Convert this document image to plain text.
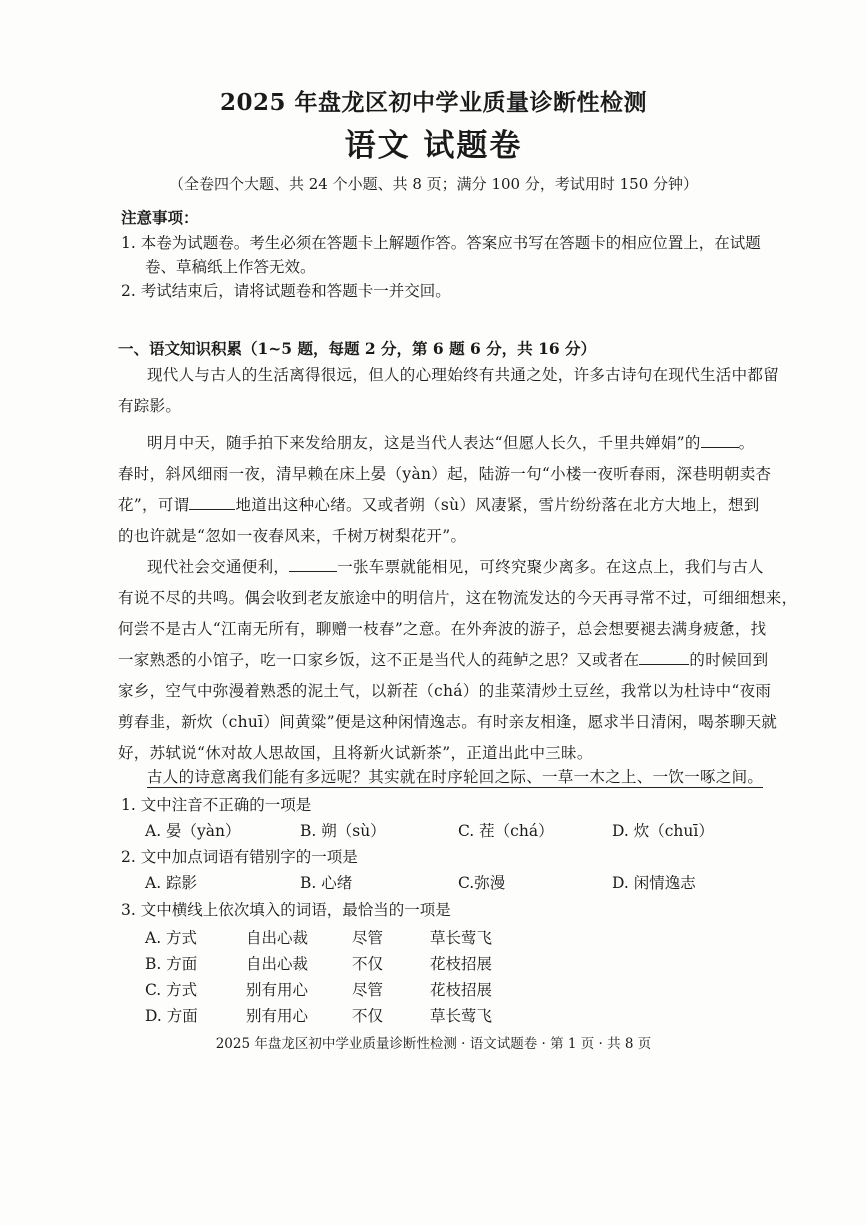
2025 年盘龙区初中学业质量诊断性检测
语文 试题卷
（全卷四个大题、共 24 个小题、共 8 页；满分 100 分，考试用时 150 分钟）
注意事项：
1. 本卷为试题卷。考生必须在答题卡上解题作答。答案应书写在答题卡的相应位置上，在试题
卷、草稿纸上作答无效。
2. 考试结束后，请将试题卷和答题卡一并交回。
一、语文知识积累（1~5 题，每题 2 分，第 6 题 6 分，共 16 分）
现代人与古人的生活离得很远，但人的心理始终有共通之处，许多古诗句在现代生活中都留
有踪影。
明月中天，随手拍下来发给朋友，这是当代人表达“但愿人长久，千里共婵娟”的 。
春时，斜风细雨一夜，清早赖在床上晏（yàn）起，陆游一句“小楼一夜听春雨，深巷明朝卖杏
花”，可谓	地道出这种心绪。又或者朔（sù）风凄紧，雪片纷纷落在北方大地上，想到
的也许就是“忽如一夜春风来，千树万树梨花开”。
现代社会交通便利，	一张车票就能相见，可终究聚少离多。在这点上，我们与古人
有说不尽的共鸣。偶会收到老友旅途中的明信片，这在物流发达的今天再寻常不过，可细细想来，
何尝不是古人“江南无所有，聊赠一枝春”之意。在外奔波的游子，总会想要褪去满身疲惫，找
一家熟悉的小馆子，吃一口家乡饭，这不正是当代人的莼鲈之思？又或者在	的时候回到
家乡，空气中弥漫着熟悉的泥土气，以新茬（chá）的韭菜清炒土豆丝，我常以为杜诗中“夜雨
剪春韭，新炊（chuī）间黄粱”便是这种闲情逸志。有时亲友相逢，愿求半日清闲，喝茶聊天就
好，苏轼说“休对故人思故国，且将新火试新茶”，正道出此中三昧。
古人的诗意离我们能有多远呢？其实就在时序轮回之际、一草一木之上、一饮一啄之间。
1. 文中注音不正确的一项是
A. 晏（yàn）	B. 朔（sù）	C. 茬（chá）	D. 炊（chuī）
2. 文中加点词语有错别字的一项是
A. 踪影	B. 心绪	C.弥漫	D. 闲情逸志
3. 文中横线上依次填入的词语，最恰当的一项是
A. 方式	自出心裁	尽管	草长莺飞
B. 方面	自出心裁	不仅	花枝招展
C. 方式	别有用心	尽管	花枝招展
D. 方面	别有用心	不仅	草长莺飞
2025 年盘龙区初中学业质量诊断性检测 · 语文试题卷 · 第 1 页 · 共 8 页
